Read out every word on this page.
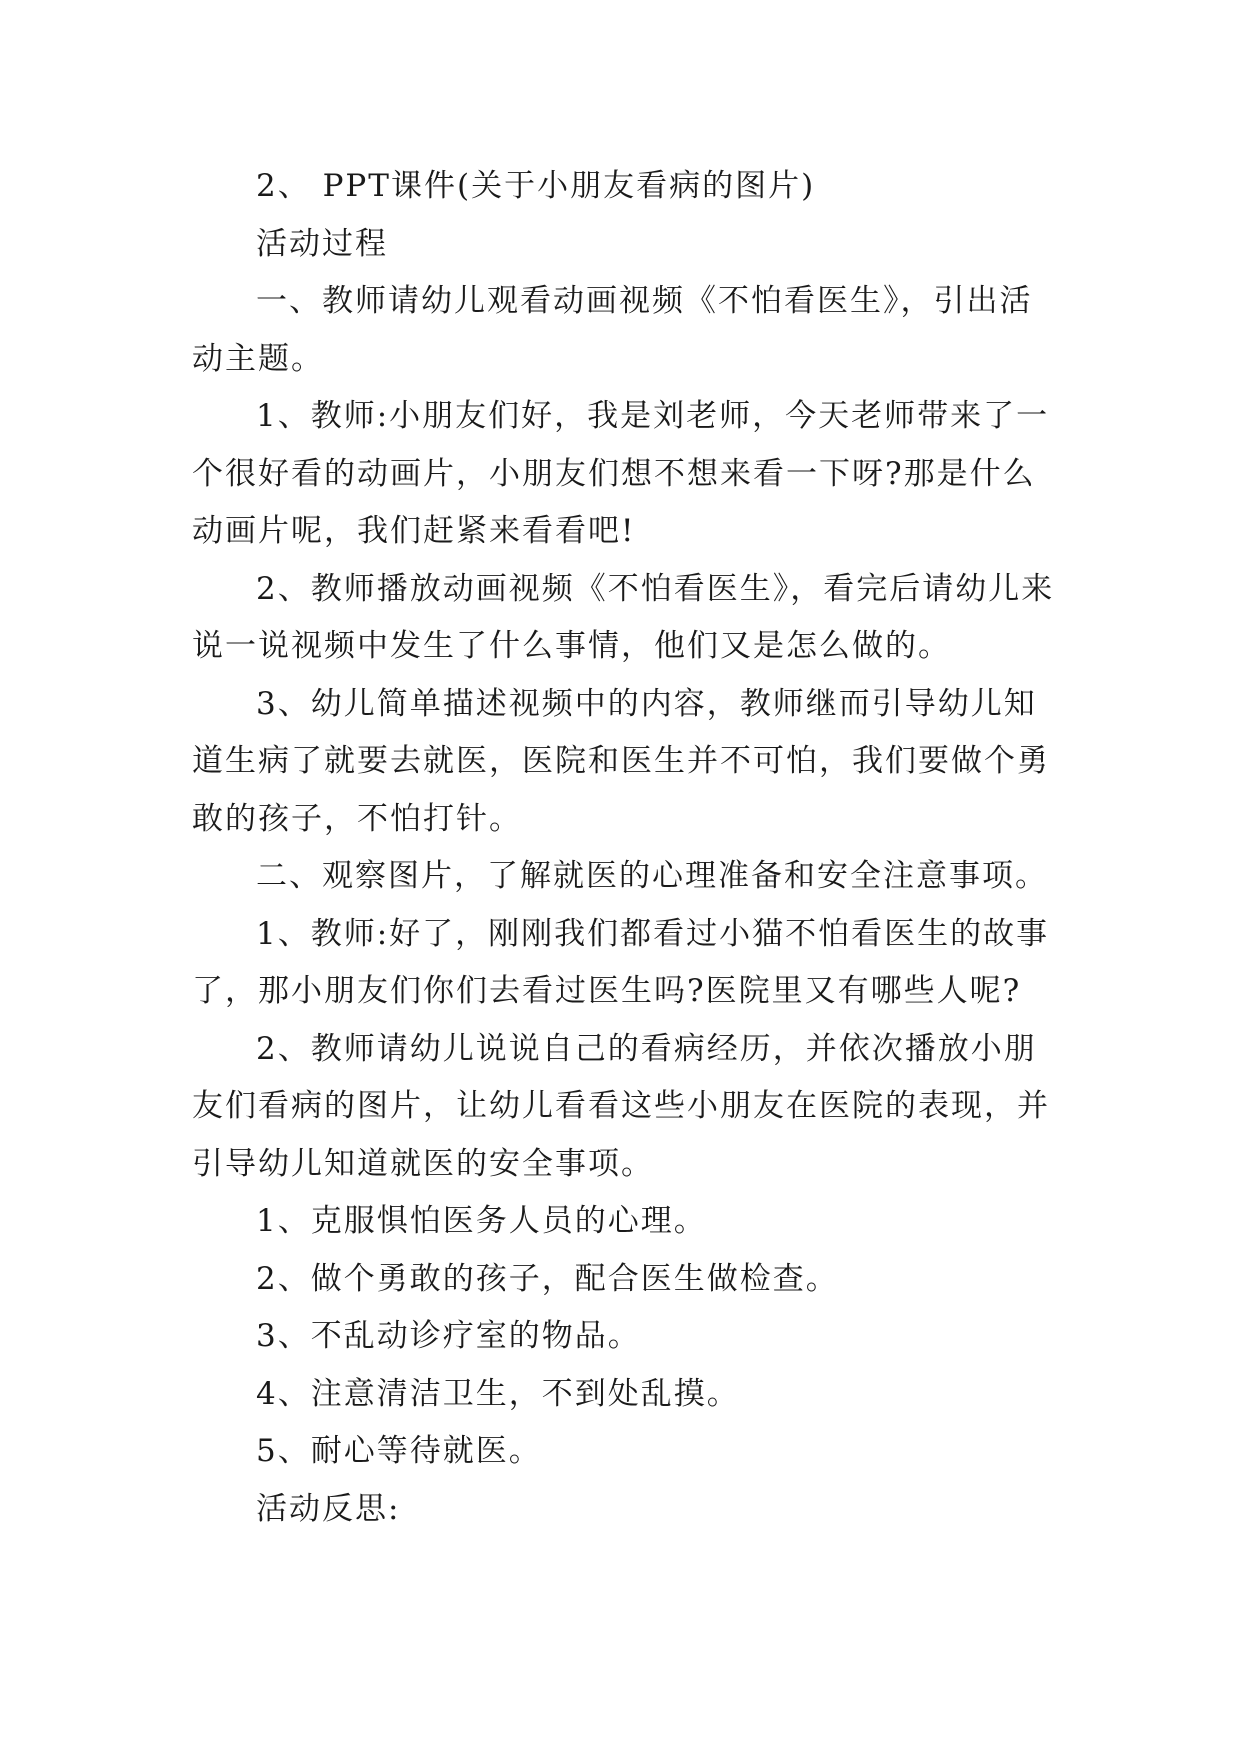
2、 PPT课件(关于小朋友看病的图片)

活动过程

一、教师请幼儿观看动画视频《不怕看医生》，引出活动主题。

1、教师:小朋友们好，我是刘老师，今天老师带来了一个很好看的动画片，小朋友们想不想来看一下呀?那是什么动画片呢，我们赶紧来看看吧!

2、教师播放动画视频《不怕看医生》，看完后请幼儿来说一说视频中发生了什么事情，他们又是怎么做的。

3、幼儿简单描述视频中的内容，教师继而引导幼儿知道生病了就要去就医，医院和医生并不可怕，我们要做个勇敢的孩子，不怕打针。

二、观察图片，了解就医的心理准备和安全注意事项。

1、教师:好了，刚刚我们都看过小猫不怕看医生的故事了，那小朋友们你们去看过医生吗?医院里又有哪些人呢?

2、教师请幼儿说说自己的看病经历，并依次播放小朋友们看病的图片，让幼儿看看这些小朋友在医院的表现，并引导幼儿知道就医的安全事项。

1、克服惧怕医务人员的心理。

2、做个勇敢的孩子，配合医生做检查。

3、不乱动诊疗室的物品。

4、注意清洁卫生，不到处乱摸。

5、耐心等待就医。

活动反思:
